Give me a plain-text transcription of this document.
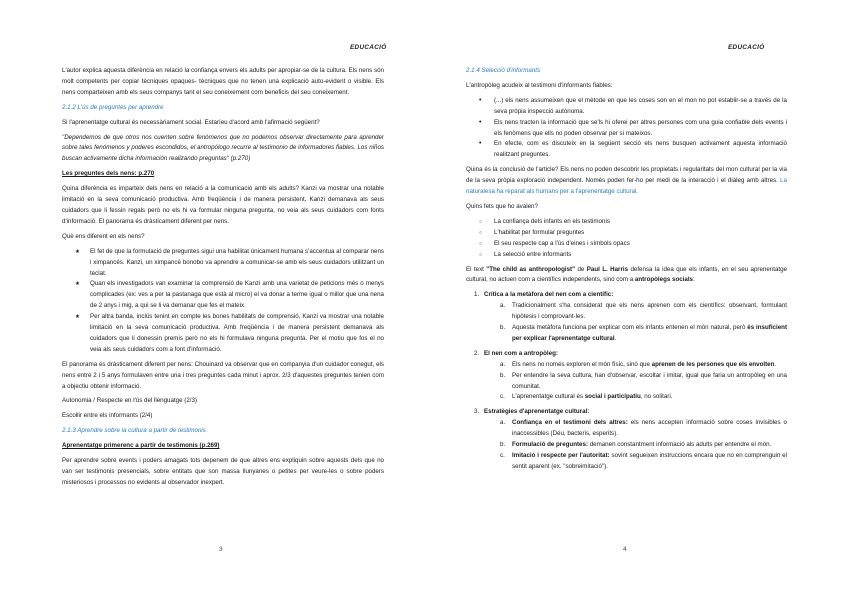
EDUCACIÓ

L'autor explica aquesta diferència en relació la confiança envers els adults per apropiar-se de la cultura. Els nens són molt competents per copiar tècniques opaques- tècniques que no tenen una explicació auto-evident o visible. Els nens comparteixen amb els seus companys tant el seu coneixement com beneficis del seu coneixement.

2.1.2 L'ús de preguntes per aprendre

Si l'aprenentatge cultural és necessàriament social. Estaríeu d'acord amb l'afirmació següent?

"Dependemos de que otros nos cuenten sobre fenómenos que no podemos observar directamente para aprender sobre tales fenómenos y poderes escondidos, el antropólogo recurre al testimonio de informadores fiables. Los niños buscan activamente dicha información realizando preguntas" (p.270)

Les preguntes dels nens: p.270

Quina diferència es imparteix dels nens en relació a la comunicació amb els adults? Kanzi va mostrar una notable limitació en la seva comunicació productiva. Amb freqüència i de manera persistent, Kanzi demanava als seus cuidadors que li fessin regals però no els hi va formular ninguna pregunta, no veia als seus cuidadors com fonts d'informació. El panorama és dràsticament diferent per nens.

Què ens diferent en els nens?

★ El fet de que la formulació de preguntes sigui una habilitat únicament humana s'accentua al comparar nens i ximpancés. Kanzi, un ximpancé bonobo va aprendre a comunicar-se amb els seus cuidadors utilitzant un teclat.
★ Quan els investigadors van examinar la comprensió de Kanzi amb una varietat de peticions més o menys complicades (ex: ves a per la pastanaga que està al micro) el va donar a terme igual o millor que una nena de 2 anys i mig, a qui se li va demanar que fes el mateix.
★ Per altra banda, inclús tenint en compte les bones habilitats de comprensió, Kanzi va mostrar una notable limitació en la seva comunicació productiva. Amb freqüència i de manera persistent demanava als cuidadors que li donessin premis però no els hi formulava ninguna pregunta. Per el motiu que fos el no veia als seus cuidadors com a font d'informació.

El panorama és dràsticament diferent per nens: Chouinard va observar que en companyia d'un cuidador conegut, els nens entre 2 i 5 anys formulaven entre una i tres preguntes cada minut i aprox. 2/3 d'aquestes preguntes tenien com a objectiu obtenir informació.

Autonomia / Respecte en l'ús del llenguatge (2/3)

Escollir entre els informants (2/4)

2.1.3 Aprendre sobre la cultura a partir de testimonis

Aprenentatge primerenc a partir de testimonis (p.269)

Per aprendre sobre events i poders amagats tots depenem de que altres ens expliquin sobre aquests dels que no van ser testimonis presencials, sobre entitats que son massa llunyanes o petites per veure-les o sobre poders misteriosos i processos no evidents al observador inexpert.

3
EDUCACIÓ

2.1.4 Selecció d'informants

L'antropòleg acudeix al testimoni d'informants fiables:

• (...) els nens assumeixen que el mètode en que les coses son en el mon no pot establir-se a través de la seva pròpia inspecció autònoma.
• Els nens tracten la informació que se'ls hi oferei per altres persones com una guia confiable dels events i els fenòmens que ells no poden observar per si mateixos.
• En efecte, com es discuteix en la següent secció els nens busquen activament aquesta informació realitzant preguntes.

Quina és la conclusió de l'article? Els nens no poden descobrir les propietats i regularitats del mon cultural per la via de la seva pròpia exploració independent. Només poden fer-ho per medi de la interacció i el diàleg amb altres. La naturalesa ha reparat als humans per a l'aprenentatge cultural.

Quins fets que ho avalen?

○ La confiança dels infants en els testimonis
○ L'habilitat per formular preguntes
○ El seu respecte cap a l'ús d'eines i símbols opacs
○ La selecció entre informants

El text "The child as anthropologist" de Paul L. Harris defensa la idea que els infants, en el seu aprenentatge cultural, no actuen com a científics independents, sinó com a antropòlegs socials:

1. Crítica a la metàfora del nen com a científic:
a. Tradicionalment s'ha considerat que els nens aprenen com els científics: observant, formulant hipòtesis i comprovant-les.
b. Aquesta metàfora funciona per explicar com els infants entenen el món natural, però és insuficient per explicar l'aprenentatge cultural.
2. El nen com a antropòleg:
a. Els nens no només exploren el món físic, sinó que aprenen de les persones que els envolten.
b. Per entendre la seva cultura, han d'observar, escoltar i imitar, igual que faria un antropòleg en una comunitat.
c. L'aprenentatge cultural és social i participatiu, no solitari.
3. Estratègies d'aprenentatge cultural:
a. Confiança en el testimoni dels altres: els nens accepten informació sobre coses invisibles o inaccessibles (Déu, bacteris, esperits).
b. Formulació de preguntes: demanen constantment informació als adults per entendre el món.
c. Imitació i respecte per l'autoritat: sovint segueixen instruccions encara que no en comprenguin el sentit aparent (ex. "sobreimitació").
4
